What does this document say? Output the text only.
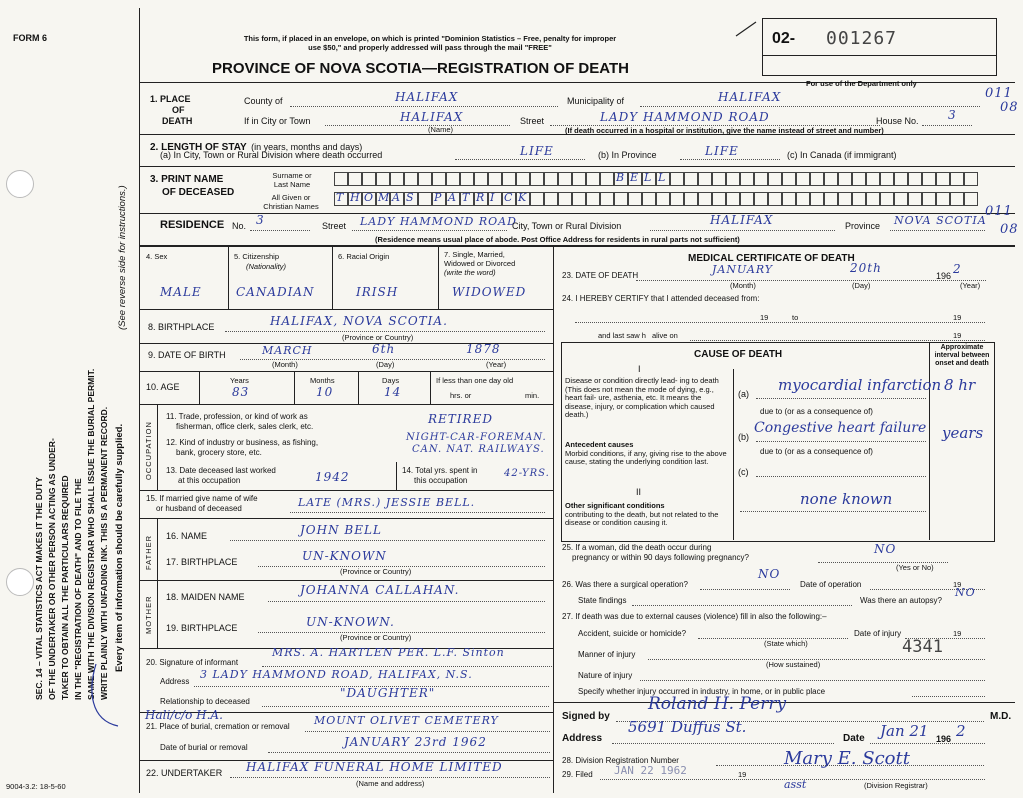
FORM 6
SEC. 14 – VITAL STATISTICS ACT MAKES IT THE DUTY OF THE UNDERTAKER OR OTHER PERSON ACTING AS UNDER- TAKER TO OBTAIN ALL THE PARTICULARS REQUIRED IN THE "REGISTRATION OF DEATH" AND TO FILE THE SAME WITH THE DIVISION REGISTRAR WHO SHALL ISSUE THE BURIAL PERMIT. WRITE PLAINLY WITH UNFADING INK. THIS IS A PERMANENT RECORD. Every item of information should be carefully supplied.
(See reverse side for instructions.)
9004-3.2: 18-5-60
This form, if placed in an envelope, on which is printed "Dominion Statistics – Free, penalty for improper
use $50," and properly addressed will pass through the mail "FREE"
PROVINCE OF NOVA SCOTIA—REGISTRATION OF DEATH
02- 001267
For use of the Department only
011
08
1. PLACE
OF
DEATH
County of	HALIFAX	Municipality of	HALIFAX
If in City or Town	HALIFAX
(Name)
Street	LADY HAMMOND ROAD	House No. 3
(If death occurred in a hospital or institution, give the name instead of street and number)
2. LENGTH OF STAY (in years, months and days)
(a) In City, Town or Rural Division where death occurred	LIFE	(b) In Province	LIFE	(c) In Canada (if immigrant)
3. PRINT NAME
OF DECEASED
Surname or
Last Name
All Given or
Christian Names
B E L L
T H O M A S P A T R I C K
RESIDENCE No. 3	Street LADY HAMMOND ROAD
City, Town or Rural Division	HALIFAX	Province NOVA SCOTIA
011
08
(Residence means usual place of abode. Post Office Address for residents in rural parts not sufficient)
4. Sex
MALE
5. Citizenship
(Nationality)
CANADIAN
6. Racial Origin
IRISH
7. Single, Married,
Widowed or Divorced
(write the word)
WIDOWED
8. BIRTHPLACE	HALIFAX, NOVA SCOTIA.
(Province or Country)
9. DATE OF BIRTH	MARCH	6th	1878
(Month)	(Day)	(Year)
10. AGE
Years
83
Months
10
Days
14
If less than one day old
hrs. or	min.
OCCUPATION
11. Trade, profession, or kind of work as
fisherman, office clerk, sales clerk, etc.
RETIRED
12. Kind of industry or business, as fishing,
bank, grocery store, etc.
NIGHT-CAR-FOREMAN.
CAN. NAT. RAILWAYS.
13. Date deceased last worked
at this occupation	1942	14. Total yrs. spent in
this occupation
42-YRS.
15. If married give name of wife
or husband of deceased	LATE (MRS.) JESSIE BELL.
FATHER
MOTHER
16. NAME	JOHN BELL
17. BIRTHPLACE	UN-KNOWN
(Province or Country)
18. MAIDEN NAME	JOHANNA CALLAHAN.
19. BIRTHPLACE	UN-KNOWN.
(Province or Country)
20. Signature of informant
MRS. A. HARTLEN PER. L.F. Sinton
Address
3 LADY HAMMOND ROAD, HALIFAX, N.S.
Relationship to deceased
"DAUGHTER"
Hali/c/o H.A.
21. Place of burial, cremation or removal MOUNT OLIVET CEMETERY
Date of burial or removal	JANUARY 23rd 1962
22. UNDERTAKER HALIFAX FUNERAL HOME LIMITED
(Name and address)
MEDICAL CERTIFICATE OF DEATH
23. DATE OF DEATH	JANUARY	20th
196 2
(Month)	(Day)	(Year)
24. I HEREBY CERTIFY that I attended deceased from:
19	to	19
and last saw h alive on	19
CAUSE OF DEATH
Approximate interval between onset and death
I
Disease or condition directly lead- ing to death (This does not mean the mode of dying, e.g., heart fail- ure, asthenia, etc. It means the disease, injury, or complication which caused death.)
(a) myocardial infarction 8 hr
due to (or as a consequence of)
Antecedent causes
Morbid conditions, if any, giving rise to the above cause, stating the underlying condition last.
(b)
Congestive heart failure years
due to (or as a consequence of)
(c)
II
Other significant conditions
contributing to the death, but not related to the disease or condition causing it.
none known
25. If a woman, did the death occur during
pregnancy or within 90 days following pregnancy?
NO
(Yes or No)
26. Was there a surgical operation?
NO
Date of operation	19
State findings	Was there an autopsy?
NO
27. If death was due to external causes (violence) fill in also the following:–
Accident, suicide or homicide?
(State which)
Date of injury	19
4341
Manner of injury
(How sustained)
Nature of injury
Specify whether injury occurred in industry, in home, or in public place
Signed by
Roland H. Perry
M.D.
Address
5691 Duffus St.
Date Jan 21 196 2
28. Division Registration Number
29. Filed JAN 22 1962	19
Mary E. Scott
asst	(Division Registrar)
